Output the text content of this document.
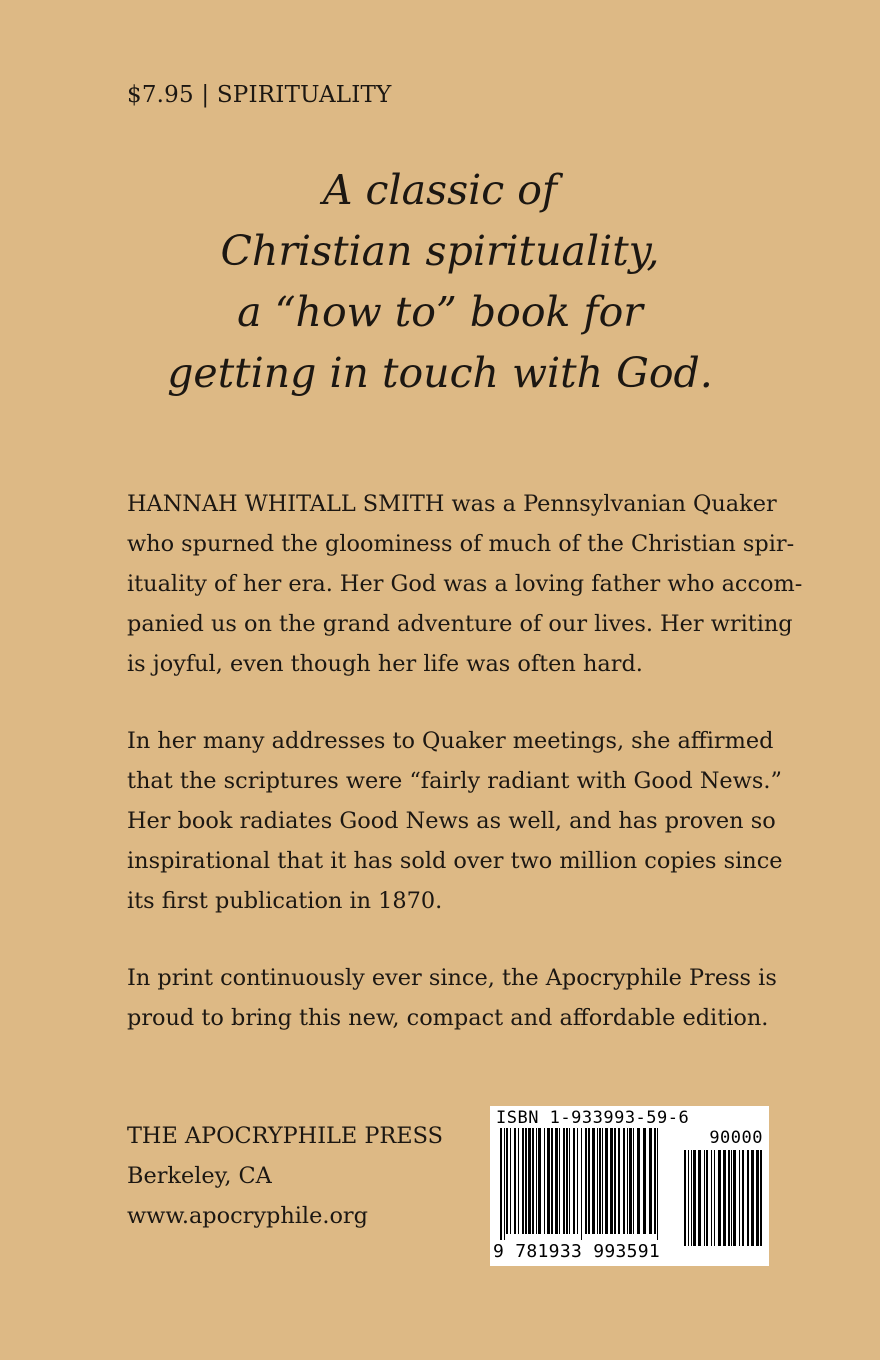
$7.95 | SPIRITUALITY
A classic of
Christian spirituality,
a “how to” book for
getting in touch with God.
HANNAH WHITALL SMITH was a Pennsylvanian Quaker
who spurned the gloominess of much of the Christian spir-
ituality of her era. Her God was a loving father who accom-
panied us on the grand adventure of our lives. Her writing
is joyful, even though her life was often hard.
In her many addresses to Quaker meetings, she affirmed
that the scriptures were “fairly radiant with Good News.”
Her book radiates Good News as well, and has proven so
inspirational that it has sold over two million copies since
its first publication in 1870.
In print continuously ever since, the Apocryphile Press is
proud to bring this new, compact and affordable edition.
THE APOCRYPHILE PRESS
Berkeley, CA
www.apocryphile.org
ISBN 1-933993-59-6
90000
9 781933 993591
